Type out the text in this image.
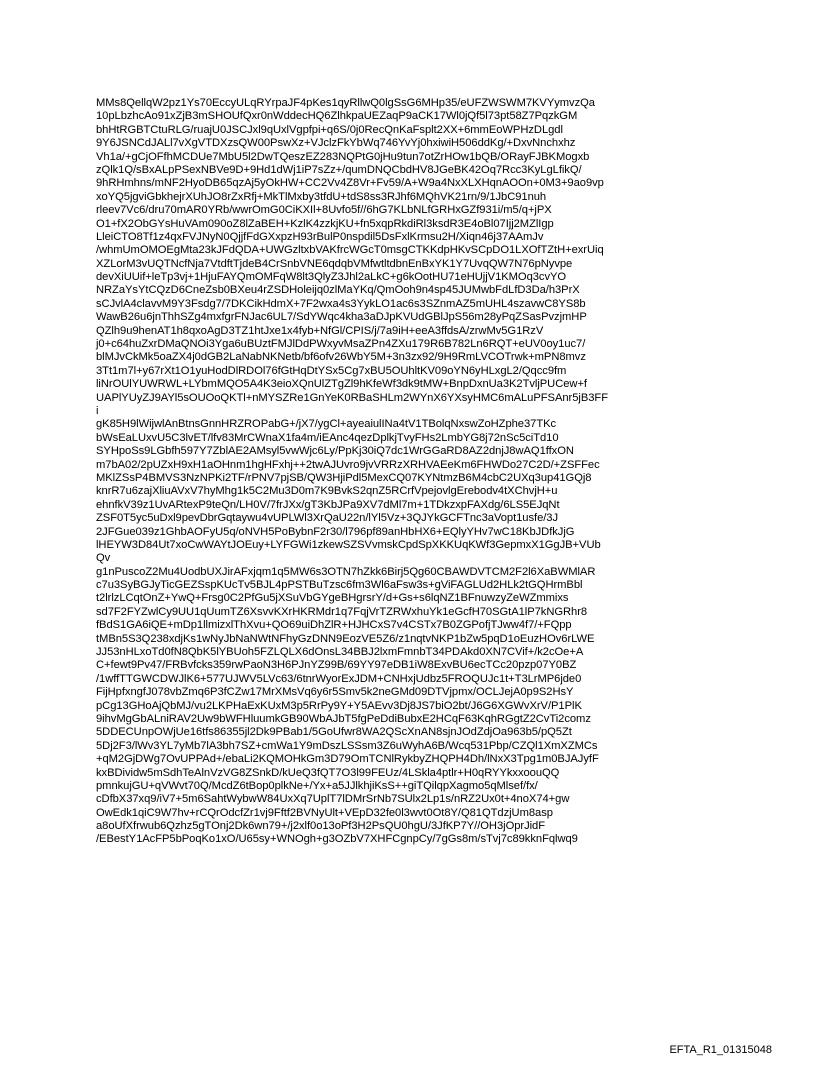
MMs8QellqW2pz1Ys70EccyULqRYrpaJF4pKes1qyRllwQ0lgSsG6MHp35/eUFZWSWM7KVYymvzQa
10pLbzhcAo91xZjB3mSHOUfQxr0nWddecHQ6ZlhkpaUEZaqP9aCK17Wl0jQf5l73pt58Z7PqzkGM
bhHtRGBTCtuRLG/ruajU0JSCJxl9qUxlVgpfpi+q6S/0j0RecQnKaFsplt2XX+6mmEoWPHzDLgdl
9Y6JSNCdJALl7vXgVTDXzsQW00PswXz+VJclzFkYbWq746YvYj0hxiwiH506ddKg/+DxvNnchxhz
Vh1a/+gCjOFfhMCDUe7MbU5l2DwTQeszEZ283NQPtG0jHu9tun7otZrHOw1bQB/ORayFJBKMogxb
zQlk1Q/sBxALpPSexNBVe9D+9Hd1dWj1iP7sZz+/qumDNQCbdHV8JGeBK42Oq7Rcc3KyLgLfikQ/
9hRHmhns/mNF2HyoDB65qzAj5yOkHW+CC2Vv4Z8Vr+Fv59/A+W9a4NxXLXHqnAOOn+0M3+9ao9vp
xoYQ5jgviGbkhejrXUhJO8rZxRfj+MkTlMxby3tfdU+tdS8ss3RJhf6MQhVK21rn/9/1JbC91nuh
rleev7Vc6/dru70mAR0YRb/wwrOmG0CiKXIl+8Uvfo5f//6hG7KLbNLfGRHxGZf931i/m5/q+jPX
O1+fX2ObGYsHuVAm090oZ8lZaBEH+KzlK4zzkjKU+fn5xqpRkdiRl3ksdR3E4oBl07Ijj2MZlIgp
LleiCTO8Tf1z4qxFVJNyN0QjjfFdGXxpzH93rBulP0nspdil5DsFxlKrmsu2H/Xiqn46j37AAmJv
/whmUmOMOEgMta23kJFdQDA+UWGzltxbVAKfrcWGcT0msgCTKKdpHKvSCpDO1LXOfTZtH+exrUiq
XZLorM3vUQTNcfNja7VtdftTjdeB4CrSnbVNE6qdqbVMfwtltdbnEnBxYK1Y7UvqQW7N76pNyvpe
devXiUUif+leTp3vj+1HjuFAYQmOMFqW8lt3QlyZ3Jhl2aLkC+g6kOotHU71eHUjjV1KMOq3cvYO
NRZaYsYtCQzD6CneZsb0BXeu4rZSDHoleijq0zlMaYKq/QmOoh9n4sp45JUMwbFdLfD3Da/h3PrX
sCJvlA4clavvM9Y3Fsdg7/7DKCikHdmX+7F2wxa4s3YykLO1ac6s3SZnmAZ5mUHL4szavwC8YS8b
WawB26u6jnThhSZg4mxfgrFNJac6UL7/SdYWqc4kha3aDJpKVUdGBlJpS56m28yPqZSasPvzjmHP
QZlh9u9henAT1h8qxoAgD3TZ1htJxe1x4fyb+NfGl/CPIS/j/7a9iH+eeA3ffdsA/zrwMv5G1RzV
j0+c64huZxrDMaQNOi3Yga6uBUztFMJlDdPWxyvMsaZPn4ZXu179R6B782Ln6RQT+eUV0oy1uc7/
blMJvCkMk5oaZX4j0dGB2LaNabNKNetb/bf6ofv26WbY5M+3n3zx92/9H9RmLVCOTrwk+mPN8mvz
3Tt1m7l+y67rXt1O1yuHodDlRDOl76fGtHqDtYSx5Cg7xBU5OUhltKV09oYN6yHLxgL2/Qqcc9fm
liNrOUlYUWRWL+LYbmMQO5A4K3eioXQnUlZTgZl9hKfeWf3dk9tMW+BnpDxnUa3K2TvljPUCew+f
UAPlYUyZJ9AYl5sOUOoQKTl+nMYSZRe1GnYeK0RBaSHLm2WYnX6YXsyHMC6mALuPFSAnr5jB3FF
i
gK85H9lWijwlAnBtnsGnnHRZROPabG+/jX7/ygCl+ayeaiulINa4tV1TBolqNxswZoHZphe37TKc
bWsEaLUxvU5C3lvET/lfv83MrCWnaX1fa4m/iEAnc4qezDplkjTvyFHs2LmbYG8j72nSc5ciTd10
SYHpoSs9LGbfh597Y7ZblAE2AMsyl5vwWjc6Ly/PpKj30iQ7dc1WrGGaRD8AZ2dnjJ8wAQ1ffxON
m7bA02/2pUZxH9xH1aOHnm1hgHFxhj++2twAJUvro9jvVRRzXRHVAEeKm6FHWDo27C2D/+ZSFFec
MKlZSsP4BMVS3NzNPKi2TF/rPNV7pjSB/QW3HjiPdl5MexCQ07KYNtmzB6M4cbC2UXq3up41GQj8
knrR7u6zajXliuAVxV7hyMhg1k5C2Mu3D0m7K9BvkS2qnZ5RCrfVpejovlgErebodv4tXChvjH+u
ehnfkV39z1UvARtexP9teQn/LH0V/7frJXx/gT3KbJPa9XV7dMl7m+1TDkzxpFAXdg/6LS5EJqNt
ZSF0T5yc5uDxl9pevDbrGqtaywu4vUPLWl3XrQaU22n/lYl5Vz+3QJYkGCFTnc3aVopt1usfe/3J
2JFGue039z1GhbAOFyU5q/oNVH5PoBybnF2r30/l796pf89anHbHX6+EQlyYHv7wC18KbJDfkJjG
lHEYW3D84Ut7xoCwWAYtJOEuy+LYFGWi1zkewSZSVvmskCpdSpXKKUqKWf3GepmxX1GgJB+VUb
Qv
g1nPuscoZ2Mu4UodbUXJirAFxjqm1q5MW6s3OTN7hZkk6Birj5Qg60CBAWDVTCM2F2l6XaBWMlAR
c7u3SyBGJyTicGEZSspKUcTv5BJL4pPSTBuTzsc6fm3Wl6aFsw3s+gViFAGLUd2HLk2tGQHrmBbl
t2lrlzLCqtOnZ+YwQ+Frsg0C2PfGu5jXSuVbGYgeBHgrsrY/d+Gs+s6lqNZ1BFnuwzyZeWZmmixs
sd7F2FYZwlCy9UU1qUumTZ6XsvvKXrHKRMdr1q7FqjVrTZRWxhuYk1eGcfH70SGtA1lP7kNGRhr8
fBdS1GA6iQE+mDp1llmizxlThXvu+QO69uiDhZlR+HJHCxS7v4CSTx7B0ZGPofjTJww4f7/+FQpp
tMBn5S3Q238xdjKs1wNyJbNaNWtNFhyGzDNN9EozVE5Z6/z1nqtvNKP1bZw5pqD1oEuzHOv6rLWE
JJ53nHLxoTd0fN8QbK5lYBUoh5FZLQLX6dOnsL34BBJ2lxmFmnbT34PDAkd0XN7CVif+/k2cOe+A
C+fewt9Pv47/FRBvfcks359rwPaoN3H6PJnYZ99B/69YY97eDB1iW8ExvBU6ecTCc20pzp07Y0BZ
/1wffTTGWCDWJlK6+577UJWV5LVc63/6tnrWyorExJDM+CNHxjUdbz5FROQUJc1t+T3LrMP6jde0
FijHpfxngfJ078vbZmq6P3fCZw17MrXMsVq6y6r5Smv5k2neGMd09DTVjpmx/OCLJejA0p9S2HsY
pCg13GHoAjQbMJ/vu2LKPHaExKUxM3p5RrPy9Y+Y5AEvv3Dj8JS7biO2bt/J6G6XGWvXrV/P1PlK
9ihvMgGbALniRAV2Uw9bWFHluumkGB90WbAJbT5fgPeDdiBubxE2HCqF63KqhRGgtZ2CvTi2comz
5DDECUnpOWjUe16tfs86355jl2Dk9PBab1/5GoUfwr8WA2QScXnAN8sjnJOdZdjOa963b5/pQ5Zt
5Dj2F3/lWv3YL7yMb7lA3bh7SZ+cmWa1Y9mDszLSSsm3Z6uWyhA6B/Wcq531Pbp/CZQl1XmXZMCs
+qM2GjDWg7OvUPPAd+/ebaLi2KQMOHkGm3D79OmTCNlRykbyZHQPH4Dh/lNxX3Tpg1m0BJAJyfF
kxBDividw5mSdhTeAlnVzVG8ZSnkD/kUeQ3fQT7O3l99FEUz/4LSkla4ptlr+H0qRYYkxxoouQQ
pmnkujGU+qVWvt70Q/McdZ6tBop0plkNe+/Yx+a5JJlkhjiKsS++giTQilqpXagmo5qMlsef/fx/
cDfbX37xq9/iV7+5m6SahtWybwW84UxXq7UplT7lDMrSrNb7SUlx2Lp1s/nRZ2Ux0t+4noX74+gw
OwEdk1qiC9W7hv+rCQrOdcfZr1vj9Fftf2BVNyUlt+VEpD32fe0l3wvt0Ot8Y/Q81QTdzjUm8asp
a8oUfXfrwub6Qzhz5gTOnj2Dk6wn79+/j2xlf0o13oPf3H2PsQU0hgU/3JfKP7Y//OH3jOprJidF
/EBestY1AcFP5bPoqKo1xO/U65sy+WNOgh+g3OZbV7XHFCgnpCy/7gGs8m/sTvj7c89kknFqlwq9
EFTA_R1_01315048
